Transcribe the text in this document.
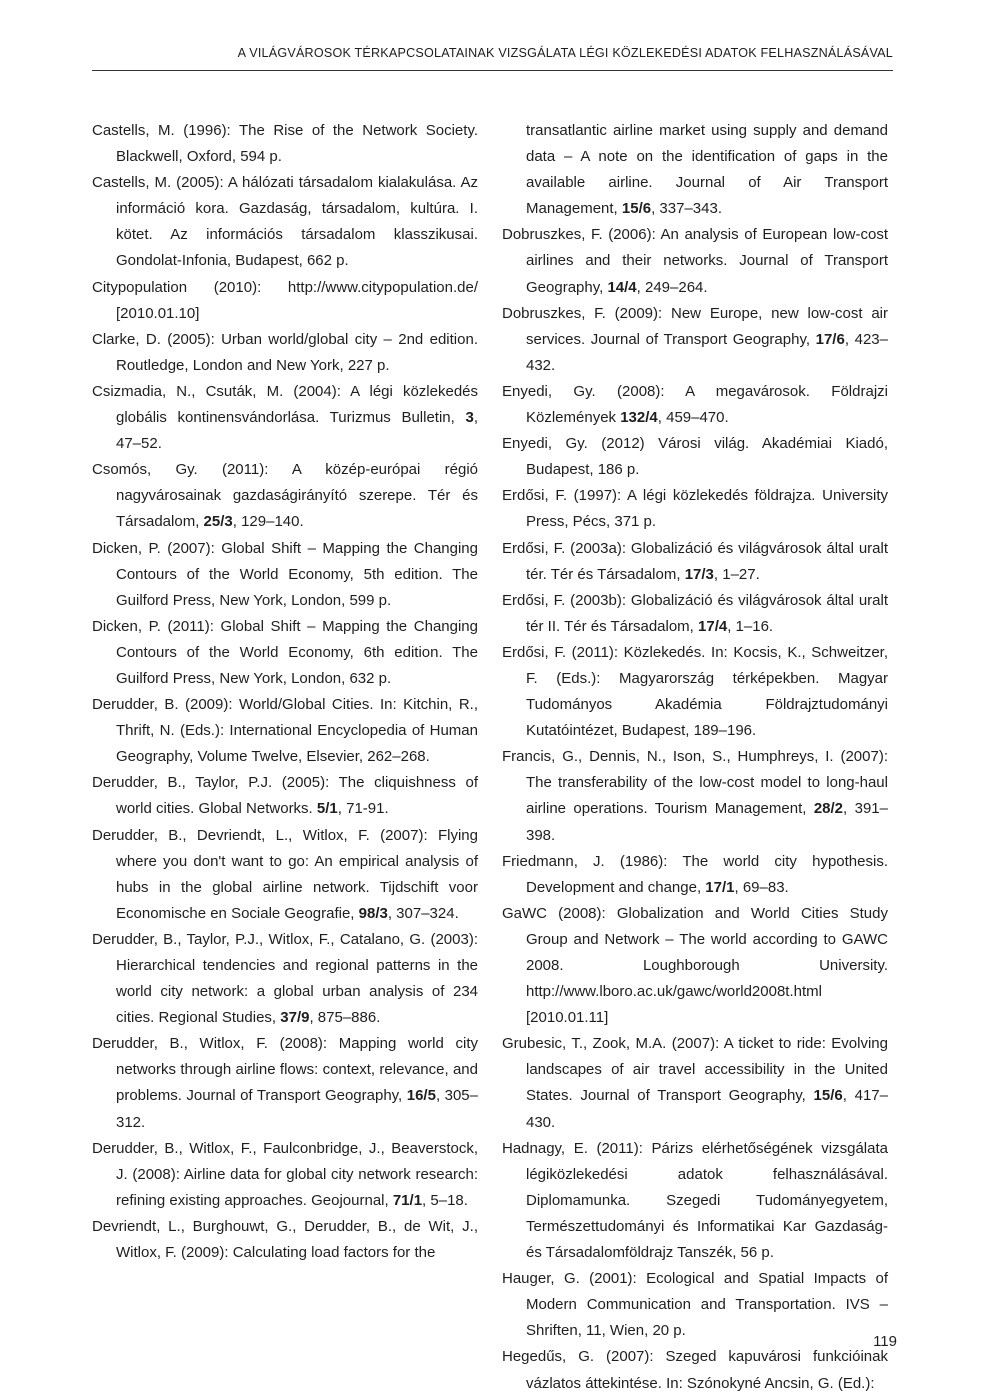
A VILÁGVÁROSOK TÉRKAPCSOLATAINAK VIZSGÁLATA LÉGI KÖZLEKEDÉSI ADATOK FELHASZNÁLÁSÁVAL

Castells, M. (1996): The Rise of the Network Society. Blackwell, Oxford, 594 p.

Castells, M. (2005): A hálózati társadalom kialakulása. Az információ kora. Gazdaság, társadalom, kultúra. I. kötet. Az információs társadalom klasszikusai. Gondolat-Infonia, Budapest, 662 p.

Citypopulation (2010): http://www.citypopulation.de/ [2010.01.10]

Clarke, D. (2005): Urban world/global city – 2nd edition. Routledge, London and New York, 227 p.

Csizmadia, N., Csuták, M. (2004): A légi közlekedés globális kontinensvándorlása. Turizmus Bulletin, 3, 47–52.

Csomós, Gy. (2011): A közép-európai régió nagyvárosainak gazdaságirányító szerepe. Tér és Társadalom, 25/3, 129–140.

Dicken, P. (2007): Global Shift – Mapping the Changing Contours of the World Economy, 5th edition. The Guilford Press, New York, London, 599 p.

Dicken, P. (2011): Global Shift – Mapping the Changing Contours of the World Economy, 6th edition. The Guilford Press, New York, London, 632 p.

Derudder, B. (2009): World/Global Cities. In: Kitchin, R., Thrift, N. (Eds.): International Encyclopedia of Human Geography, Volume Twelve, Elsevier, 262–268.

Derudder, B., Taylor, P.J. (2005): The cliquishness of world cities. Global Networks. 5/1, 71-91.

Derudder, B., Devriendt, L., Witlox, F. (2007): Flying where you don't want to go: An empirical analysis of hubs in the global airline network. Tijdschift voor Economische en Sociale Geografie, 98/3, 307–324.

Derudder, B., Taylor, P.J., Witlox, F., Catalano, G. (2003): Hierarchical tendencies and regional patterns in the world city network: a global urban analysis of 234 cities. Regional Studies, 37/9, 875–886.

Derudder, B., Witlox, F. (2008): Mapping world city networks through airline flows: context, relevance, and problems. Journal of Transport Geography, 16/5, 305–312.

Derudder, B., Witlox, F., Faulconbridge, J., Beaverstock, J. (2008): Airline data for global city network research: refining existing approaches. Geojournal, 71/1, 5–18.

Devriendt, L., Burghouwt, G., Derudder, B., de Wit, J., Witlox, F. (2009): Calculating load factors for the

transatlantic airline market using supply and demand data – A note on the identification of gaps in the available airline. Journal of Air Transport Management, 15/6, 337–343.

Dobruszkes, F. (2006): An analysis of European low-cost airlines and their networks. Journal of Transport Geography, 14/4, 249–264.

Dobruszkes, F. (2009): New Europe, new low-cost air services. Journal of Transport Geography, 17/6, 423–432.

Enyedi, Gy. (2008): A megavárosok. Földrajzi Közlemények 132/4, 459–470.

Enyedi, Gy. (2012) Városi világ. Akadémiai Kiadó, Budapest, 186 p.

Erdősi, F. (1997): A légi közlekedés földrajza. University Press, Pécs, 371 p.

Erdősi, F. (2003a): Globalizáció és világvárosok által uralt tér. Tér és Társadalom, 17/3, 1–27.

Erdősi, F. (2003b): Globalizáció és világvárosok által uralt tér II. Tér és Társadalom, 17/4, 1–16.

Erdősi, F. (2011): Közlekedés. In: Kocsis, K., Schweitzer, F. (Eds.): Magyarország térképekben. Magyar Tudományos Akadémia Földrajztudományi Kutatóintézet, Budapest, 189–196.

Francis, G., Dennis, N., Ison, S., Humphreys, I. (2007): The transferability of the low-cost model to long-haul airline operations. Tourism Management, 28/2, 391–398.

Friedmann, J. (1986): The world city hypothesis. Development and change, 17/1, 69–83.

GaWC (2008): Globalization and World Cities Study Group and Network – The world according to GAWC 2008. Loughborough University. http://www.lboro.ac.uk/gawc/world2008t.html [2010.01.11]

Grubesic, T., Zook, M.A. (2007): A ticket to ride: Evolving landscapes of air travel accessibility in the United States. Journal of Transport Geography, 15/6, 417–430.

Hadnagy, E. (2011): Párizs elérhetőségének vizsgálata légiközlekedési adatok felhasználásával. Diplomamunka. Szegedi Tudományegyetem, Természettudományi és Informatikai Kar Gazdaság- és Társadalomföldrajz Tanszék, 56 p.

Hauger, G. (2001): Ecological and Spatial Impacts of Modern Communication and Transportation. IVS – Shriften, 11, Wien, 20 p.

Hegedűs, G. (2007): Szeged kapuvárosi funkcióinak vázlatos áttekintése. In: Szónokyné Ancsin, G. (Ed.):

119
